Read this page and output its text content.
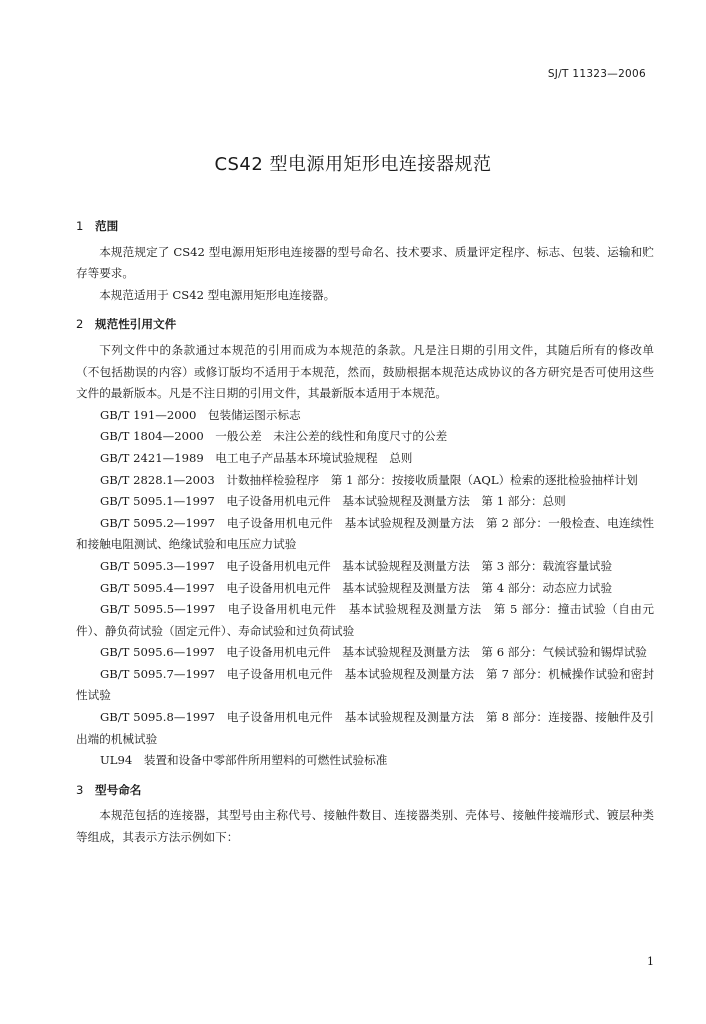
SJ/T 11323—2006
CS42 型电源用矩形电连接器规范
1 范围

本规范规定了 CS42 型电源用矩形电连接器的型号命名、技术要求、质量评定程序、标志、包装、运输和贮存等要求。

本规范适用于 CS42 型电源用矩形电连接器。

2 规范性引用文件

下列文件中的条款通过本规范的引用而成为本规范的条款。凡是注日期的引用文件，其随后所有的修改单（不包括勘误的内容）或修订版均不适用于本规范，然而，鼓励根据本规范达成协议的各方研究是否可使用这些文件的最新版本。凡是不注日期的引用文件，其最新版本适用于本规范。

GB/T 191—2000　包装储运图示标志

GB/T 1804—2000　一般公差　未注公差的线性和角度尺寸的公差

GB/T 2421—1989　电工电子产品基本环境试验规程　总则

GB/T 2828.1—2003　计数抽样检验程序　第 1 部分：按接收质量限（AQL）检索的逐批检验抽样计划

GB/T 5095.1—1997　电子设备用机电元件　基本试验规程及测量方法　第 1 部分：总则

GB/T 5095.2—1997　电子设备用机电元件　基本试验规程及测量方法　第 2 部分：一般检查、电连续性和接触电阻测试、绝缘试验和电压应力试验

GB/T 5095.3—1997　电子设备用机电元件　基本试验规程及测量方法　第 3 部分：载流容量试验

GB/T 5095.4—1997　电子设备用机电元件　基本试验规程及测量方法　第 4 部分：动态应力试验

GB/T 5095.5—1997　电子设备用机电元件　基本试验规程及测量方法　第 5 部分：撞击试验（自由元件）、静负荷试验（固定元件）、寿命试验和过负荷试验

GB/T 5095.6—1997　电子设备用机电元件　基本试验规程及测量方法　第 6 部分：气候试验和锡焊试验

GB/T 5095.7—1997　电子设备用机电元件　基本试验规程及测量方法　第 7 部分：机械操作试验和密封性试验

GB/T 5095.8—1997　电子设备用机电元件　基本试验规程及测量方法　第 8 部分：连接器、接触件及引出端的机械试验

UL94　装置和设备中零部件所用塑料的可燃性试验标准

3 型号命名

本规范包括的连接器，其型号由主称代号、接触件数目、连接器类别、壳体号、接触件接端形式、镀层种类等组成，其表示方法示例如下：

1
